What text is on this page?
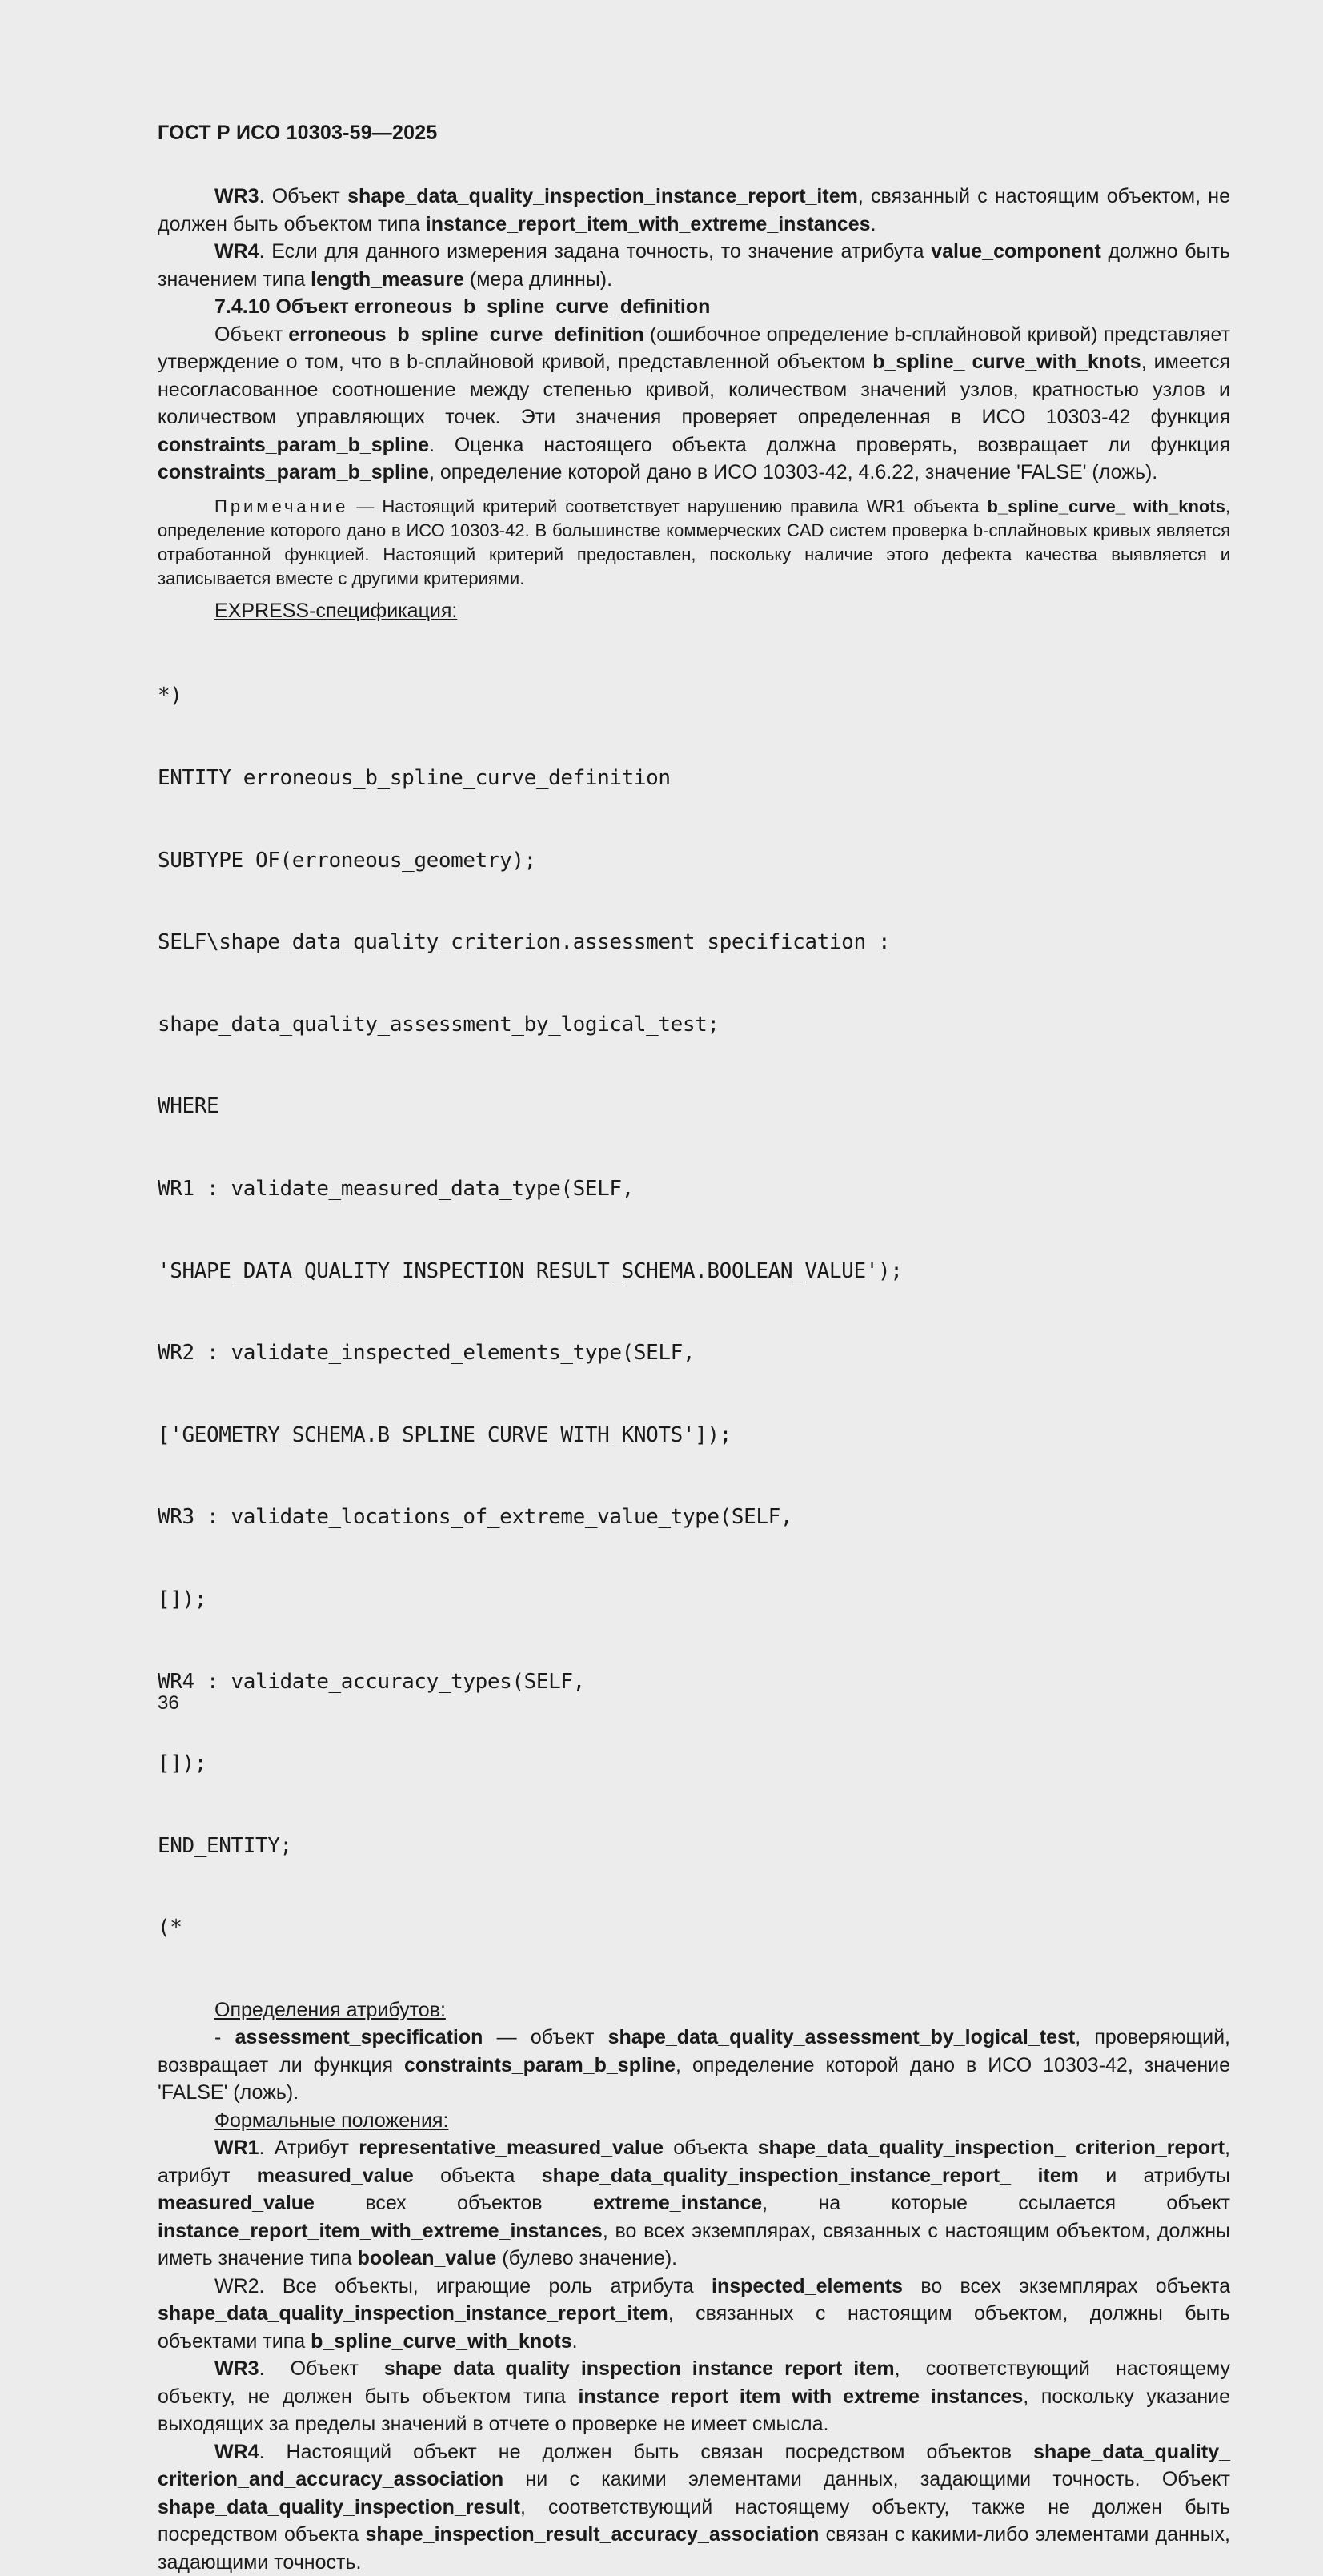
ГОСТ Р ИСО 10303-59—2025

WR3. Объект shape_data_quality_inspection_instance_report_item, связанный с настоящим объектом, не должен быть объектом типа instance_report_item_with_extreme_instances.

WR4. Если для данного измерения задана точность, то значение атрибута value_component должно быть значением типа length_measure (мера длинны).

7.4.10 Объект erroneous_b_spline_curve_definition

Объект erroneous_b_spline_curve_definition (ошибочное определение b-сплайновой кривой) представляет утверждение о том, что в b-сплайновой кривой, представленной объектом b_spline_ curve_with_knots, имеется несогласованное соотношение между степенью кривой, количеством значений узлов, кратностью узлов и количеством управляющих точек. Эти значения проверяет определенная в ИСО 10303-42 функция constraints_param_b_spline. Оценка настоящего объекта должна проверять, возвращает ли функция constraints_param_b_spline, определение которой дано в ИСО 10303-42, 4.6.22, значение 'FALSE' (ложь).

Примечание — Настоящий критерий соответствует нарушению правила WR1 объекта b_spline_curve_ with_knots, определение которого дано в ИСО 10303-42. В большинстве коммерческих CAD систем проверка b-сплайновых кривых является отработанной функцией. Настоящий критерий предоставлен, поскольку наличие этого дефекта качества выявляется и записывается вместе с другими критериями.

EXPRESS-спецификация:

*)

ENTITY erroneous_b_spline_curve_definition

SUBTYPE OF(erroneous_geometry);

SELF\shape_data_quality_criterion.assessment_specification :

shape_data_quality_assessment_by_logical_test;

WHERE

WR1 : validate_measured_data_type(SELF,

'SHAPE_DATA_QUALITY_INSPECTION_RESULT_SCHEMA.BOOLEAN_VALUE');

WR2 : validate_inspected_elements_type(SELF,

['GEOMETRY_SCHEMA.B_SPLINE_CURVE_WITH_KNOTS']);

WR3 : validate_locations_of_extreme_value_type(SELF,

[]);

WR4 : validate_accuracy_types(SELF,

[]);

END_ENTITY;

(*

Определения атрибутов:

- assessment_specification — объект shape_data_quality_assessment_by_logical_test, проверяющий, возвращает ли функция constraints_param_b_spline, определение которой дано в ИСО 10303-42, значение 'FALSE' (ложь).

Формальные положения:

WR1. Атрибут representative_measured_value объекта shape_data_quality_inspection_ criterion_report, атрибут measured_value объекта shape_data_quality_inspection_instance_report_ item и атрибуты measured_value всех объектов extreme_instance, на которые ссылается объект instance_report_item_with_extreme_instances, во всех экземплярах, связанных с настоящим объектом, должны иметь значение типа boolean_value (булево значение).

WR2. Все объекты, играющие роль атрибута inspected_elements во всех экземплярах объекта shape_data_quality_inspection_instance_report_item, связанных с настоящим объектом, должны быть объектами типа b_spline_curve_with_knots.

WR3. Объект shape_data_quality_inspection_instance_report_item, соответствующий настоящему объекту, не должен быть объектом типа instance_report_item_with_extreme_instances, поскольку указание выходящих за пределы значений в отчете о проверке не имеет смысла.

WR4. Настоящий объект не должен быть связан посредством объектов shape_data_quality_ criterion_and_accuracy_association ни с какими элементами данных, задающими точность. Объект shape_data_quality_inspection_result, соответствующий настоящему объекту, также не должен быть посредством объекта shape_inspection_result_accuracy_association связан с какими-либо элементами данных, задающими точность.

36
